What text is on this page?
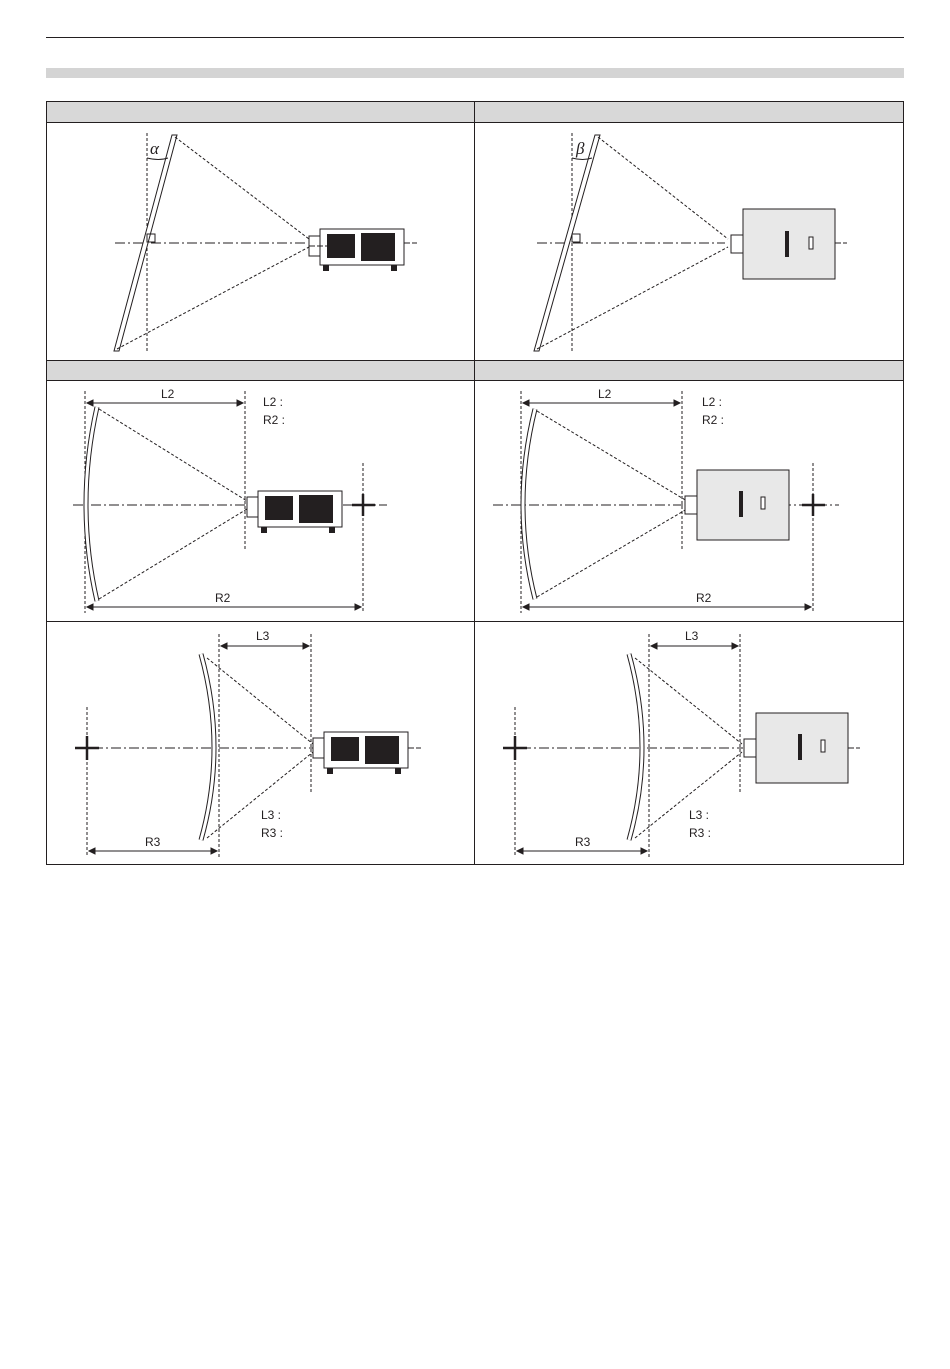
α	β
L2
R2
L2 :
R2 :
L2
R2
L2 :
R2 :
L3
R3
L3 :
R3 :
L3
R3
L3 :
R3 :
